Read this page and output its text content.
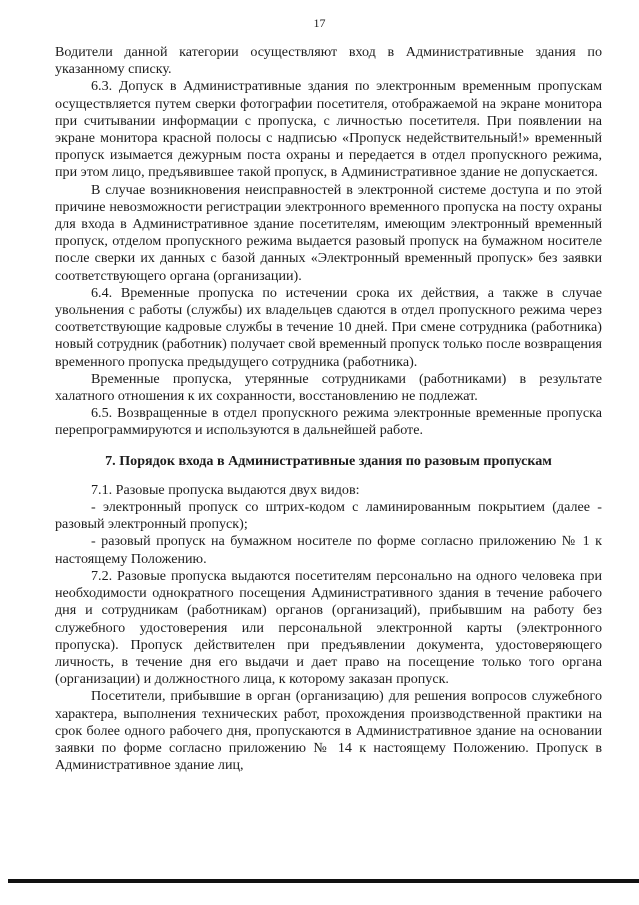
17

Водители данной категории осуществляют вход в Административные здания по указанному списку.

6.3. Допуск в Административные здания по электронным временным пропускам осуществляется путем сверки фотографии посетителя, отображаемой на экране монитора при считывании информации с пропуска, с личностью посетителя. При появлении на экране монитора красной полосы с надписью «Пропуск недействительный!» временный пропуск изымается дежурным поста охраны и передается в отдел пропускного режима, при этом лицо, предъявившее такой пропуск, в Административное здание не допускается.

В случае возникновения неисправностей в электронной системе доступа и по этой причине невозможности регистрации электронного временного пропуска на посту охраны для входа в Административное здание посетителям, имеющим электронный временный пропуск, отделом пропускного режима выдается разовый пропуск на бумажном носителе после сверки их данных с базой данных «Электронный временный пропуск» без заявки соответствующего органа (организации).

6.4. Временные пропуска по истечении срока их действия, а также в случае увольнения с работы (службы) их владельцев сдаются в отдел пропускного режима через соответствующие кадровые службы в течение 10 дней. При смене сотрудника (работника) новый сотрудник (работник) получает свой временный пропуск только после возвращения временного пропуска предыдущего сотрудника (работника).

Временные пропуска, утерянные сотрудниками (работниками) в результате халатного отношения к их сохранности, восстановлению не подлежат.

6.5. Возвращенные в отдел пропускного режима электронные временные пропуска перепрограммируются и используются в дальнейшей работе.

7. Порядок входа в Административные здания по разовым пропускам

7.1. Разовые пропуска выдаются двух видов:

- электронный пропуск со штрих-кодом с ламинированным покрытием (далее - разовый электронный пропуск);

- разовый пропуск на бумажном носителе по форме согласно приложению № 1 к настоящему Положению.

7.2. Разовые пропуска выдаются посетителям персонально на одного человека при необходимости однократного посещения Административного здания в течение рабочего дня и сотрудникам (работникам) органов (организаций), прибывшим на работу без служебного удостоверения или персональной электронной карты (электронного пропуска). Пропуск действителен при предъявлении документа, удостоверяющего личность, в течение дня его выдачи и дает право на посещение только того органа (организации) и должностного лица, к которому заказан пропуск.

Посетители, прибывшие в орган (организацию) для решения вопросов служебного характера, выполнения технических работ, прохождения производственной практики на срок более одного рабочего дня, пропускаются в Административное здание на основании заявки по форме согласно приложению № 14 к настоящему Положению. Пропуск в Административное здание лиц,
